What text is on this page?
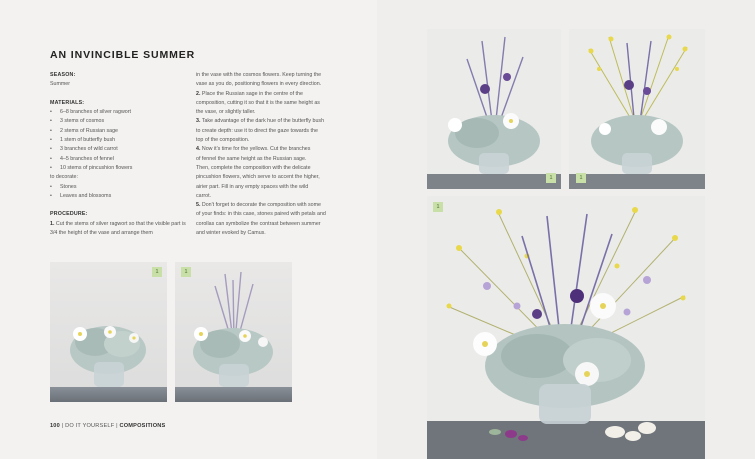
AN INVINCIBLE SUMMER
SEASON:
Summer
MATERIALS:
• 6–8 branches of silver ragwort
• 3 stems of cosmos
• 2 stems of Russian sage
• 1 stem of butterfly bush
• 3 branches of wild carrot
• 4–5 branches of fennel
• 10 stems of pincushion flowers
to decorate:
• Stones
• Leaves and blossoms
PROCEDURE:
1. Cut the stems of silver ragwort so that the visible part is 3/4 the height of the vase and arrange them
in the vase with the cosmos flowers. Keep turning the
vase as you do, positioning flowers in every direction.
2. Place the Russian sage in the centre of the
composition, cutting it so that it is the same height as
the vase, or slightly taller.
3. Take advantage of the dark hue of the butterfly bush
to create depth: use it to direct the gaze towards the
top of the composition.
4. Now it's time for the yellows. Cut the branches
of fennel the same height as the Russian sage.
Then, complete the composition with the delicate
pincushion flowers, which serve to accent the higher,
airier part. Fill in any empty spaces with the wild
carrot.
5. Don't forget to decorate the composition with some
of your finds: in this case, stones paired with petals and
corollas can symbolize the contrast between summer
and winter evoked by Camus.
1	1
1	1
1
100 | DO IT YOURSELF | COMPOSITIONS
